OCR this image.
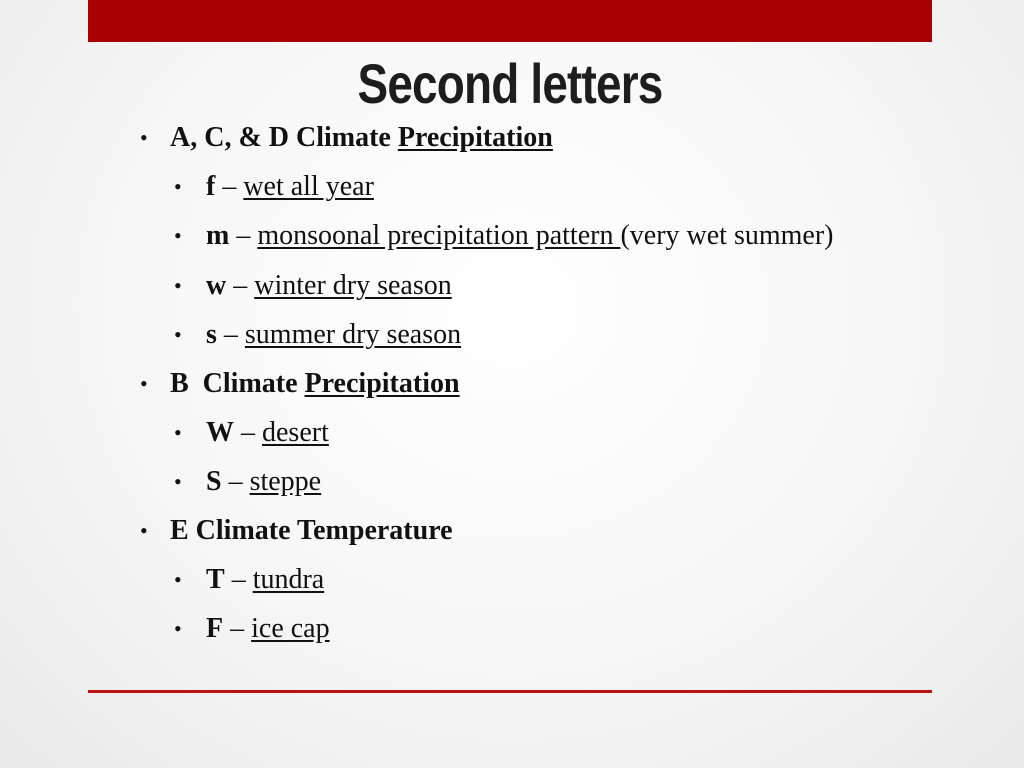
Second letters
• A, C, & D Climate Precipitation
• f – wet all year
• m – monsoonal precipitation pattern (very wet summer)
• w – winter dry season
• s – summer dry season
• B  Climate Precipitation
• W – desert
• S – steppe
• E Climate Temperature
• T – tundra
• F – ice cap
